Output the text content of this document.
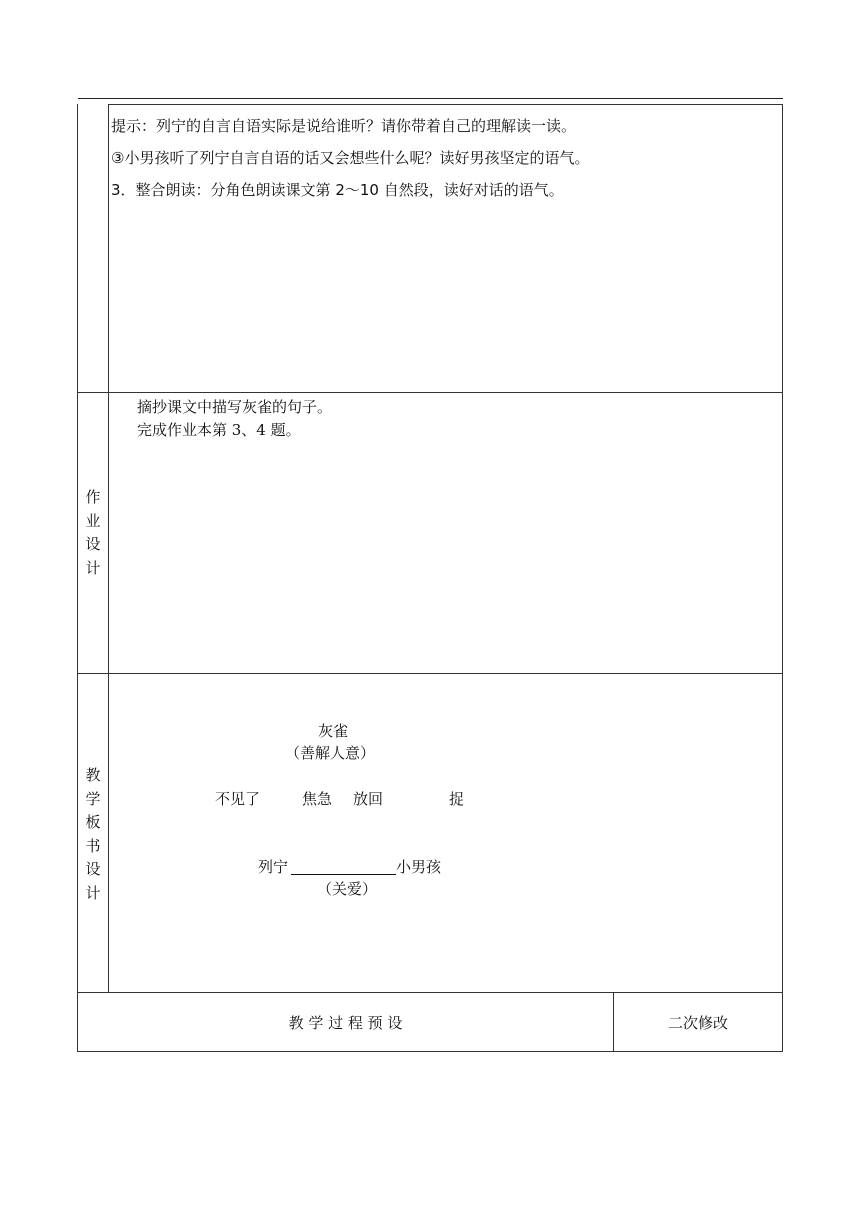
提示：列宁的自言自语实际是说给谁听？请你带着自己的理解读一读。
③小男孩听了列宁自言自语的话又会想些什么呢？读好男孩坚定的语气。
3．整合朗读：分角色朗读课文第 2～10 自然段，读好对话的语气。
作
业
设
计
摘抄课文中描写灰雀的句子。
完成作业本第 3、4 题。
教
学
板
书
设
计
灰雀
（善解人意）
不见了	焦急 放回	捉
列宁	小男孩
（关爱）
教 学 过 程 预 设	二次修改
